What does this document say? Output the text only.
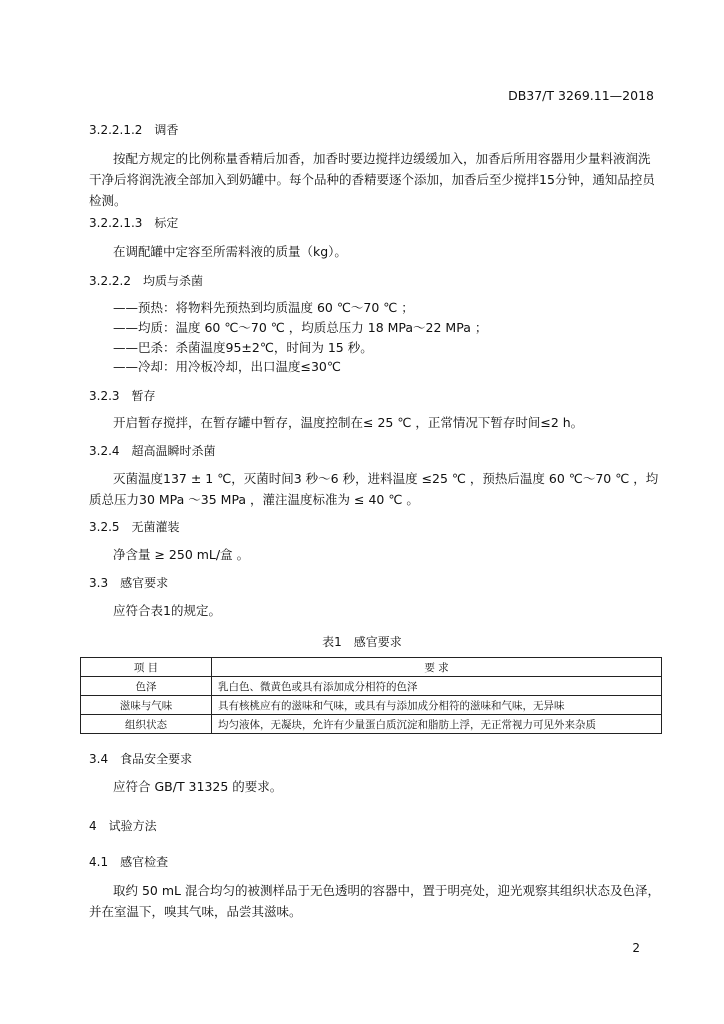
DB37/T 3269.11—2018
3.2.2.1.2　调香
按配方规定的比例称量香精后加香，加香时要边搅拌边缓缓加入，加香后所用容器用少量料液润洗干净后将润洗液全部加入到奶罐中。每个品种的香精要逐个添加，加香后至少搅拌15分钟，通知品控员检测。
3.2.2.1.3　标定
在调配罐中定容至所需料液的质量（kg）。
3.2.2.2　均质与杀菌
——预热：将物料先预热到均质温度 60 ℃～70 ℃ ；
——均质：温度 60 ℃～70 ℃ ，均质总压力 18 MPa～22 MPa ；
——巴杀：杀菌温度95±2℃，时间为 15 秒。
——冷却：用冷板冷却，出口温度≤30℃
3.2.3　暂存
开启暂存搅拌，在暂存罐中暂存，温度控制在≤ 25 ℃ ，正常情况下暂存时间≤2 h。
3.2.4　超高温瞬时杀菌
灭菌温度137 ± 1 ℃，灭菌时间3 秒～6 秒，进料温度 ≤25 ℃ ，预热后温度 60 ℃～70 ℃ ，均质总压力30 MPa ～35 MPa ，灌注温度标准为 ≤ 40 ℃ 。
3.2.5　无菌灌装
净含量 ≥ 250 mL/盒 。
3.3　感官要求
应符合表1的规定。
表1　感官要求
项 目	要 求
色泽	乳白色、微黄色或具有添加成分相符的色泽
滋味与气味	具有核桃应有的滋味和气味，或具有与添加成分相符的滋味和气味，无异味
组织状态	均匀液体，无凝块，允许有少量蛋白质沉淀和脂肪上浮，无正常视力可见外来杂质
3.4　食品安全要求
应符合 GB/T 31325 的要求。
4　试验方法
4.1　感官检查
取约 50 mL 混合均匀的被测样品于无色透明的容器中，置于明亮处，迎光观察其组织状态及色泽，并在室温下，嗅其气味，品尝其滋味。
2
